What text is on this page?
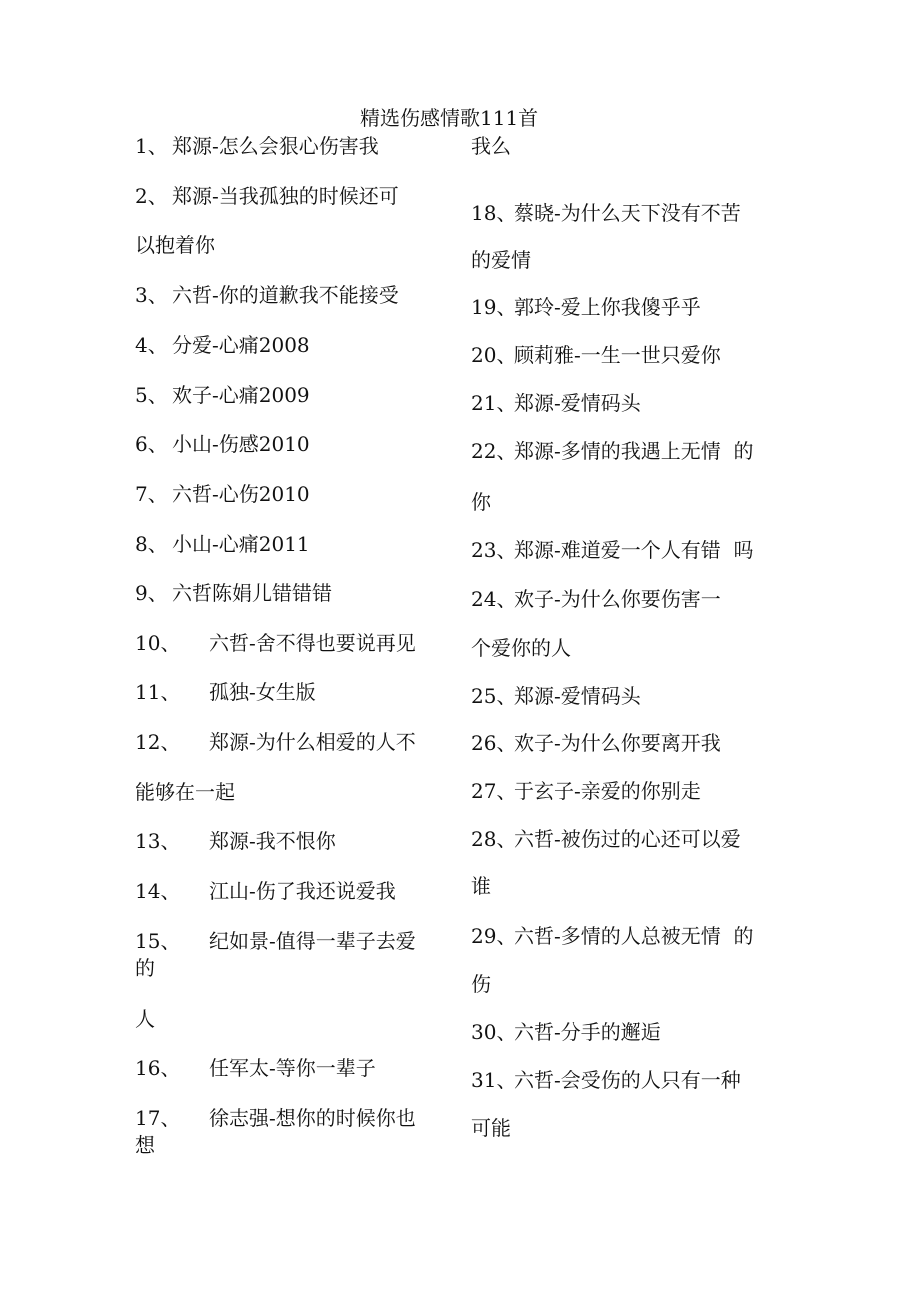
精选伤感情歌111首
1、 郑源-怎么会狠心伤害我
2、 郑源-当我孤独的时候还可
以抱着你
3、 六哲-你的道歉我不能接受
4、 分爱-心痛2008
5、 欢子-心痛2009
6、 小山-伤感2010
7、 六哲-心伤2010
8、 小山-心痛2011
9、 六哲陈娟儿错错错
10、 六哲-舍不得也要说再见
11、 孤独-女生版
12、 郑源-为什么相爱的人不
能够在一起
13、 郑源-我不恨你
14、 江山-伤了我还说爱我
15、 纪如景-值得一辈子去爱
的
人
16、 任军太-等你一辈子
17、 徐志强-想你的时候你也
想
我么
18、
蔡晓-为什么天下没有不苦
的爱情
19、
郭玲-爱上你我傻乎乎
20、
顾莉雅-一生一世只爱你
21、
郑源-爱情码头
22、
郑源-多情的我遇上无情  的
你
23、
郑源-难道爱一个人有错  吗
24、
欢子-为什么你要伤害一
个爱你的人
25、
郑源-爱情码头
26、
欢子-为什么你要离开我
27、
于玄子-亲爱的你别走
28、
六哲-被伤过的心还可以爱
谁
29、
六哲-多情的人总被无情  的
伤
30、
六哲-分手的邂逅
31、
六哲-会受伤的人只有一种
可能
